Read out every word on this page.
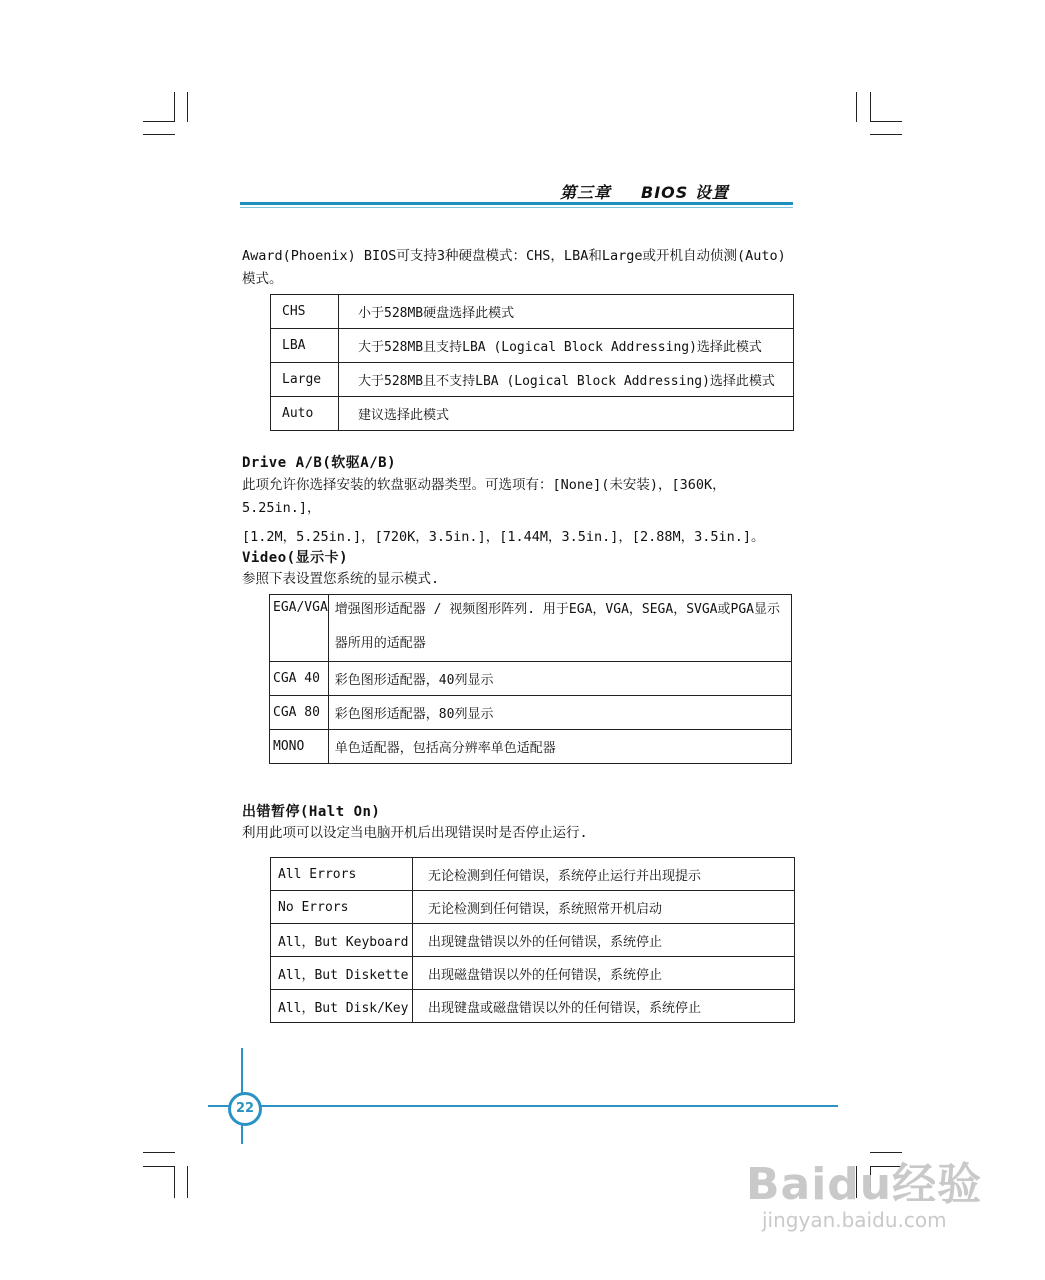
第三章 BIOS 设置
Award(Phoenix) BIOS可支持3种硬盘模式：CHS，LBA和Large或开机自动侦测(Auto)
模式。
CHS	小于528MB硬盘选择此模式
LBA	大于528MB且支持LBA (Logical Block Addressing)选择此模式
Large	大于528MB且不支持LBA (Logical Block Addressing)选择此模式
Auto	建议选择此模式
Drive A/B(软驱A/B)
此项允许你选择安装的软盘驱动器类型。可选项有：[None](未安装)，[360K，5.25in.]，
[1.2M，5.25in.]，[720K，3.5in.]，[1.44M，3.5in.]，[2.88M，3.5in.]。
Video(显示卡)
参照下表设置您系统的显示模式.
EGA/VGA	增强图形适配器 / 视频图形阵列. 用于EGA，VGA，SEGA，SVGA或PGA显示器所用的适配器

CGA 40	彩色图形适配器，40列显示
CGA 80	彩色图形适配器，80列显示
MONO	单色适配器，包括高分辨率单色适配器
出错暂停(Halt On)
利用此项可以设定当电脑开机后出现错误时是否停止运行.
All Errors	无论检测到任何错误，系统停止运行并出现提示
No Errors	无论检测到任何错误，系统照常开机启动
All，But Keyboard	出现键盘错误以外的任何错误，系统停止
All，But Diskette	出现磁盘错误以外的任何错误，系统停止
All，But Disk/Key	出现键盘或磁盘错误以外的任何错误，系统停止
22
Baidu经验
jingyan.baidu.com
